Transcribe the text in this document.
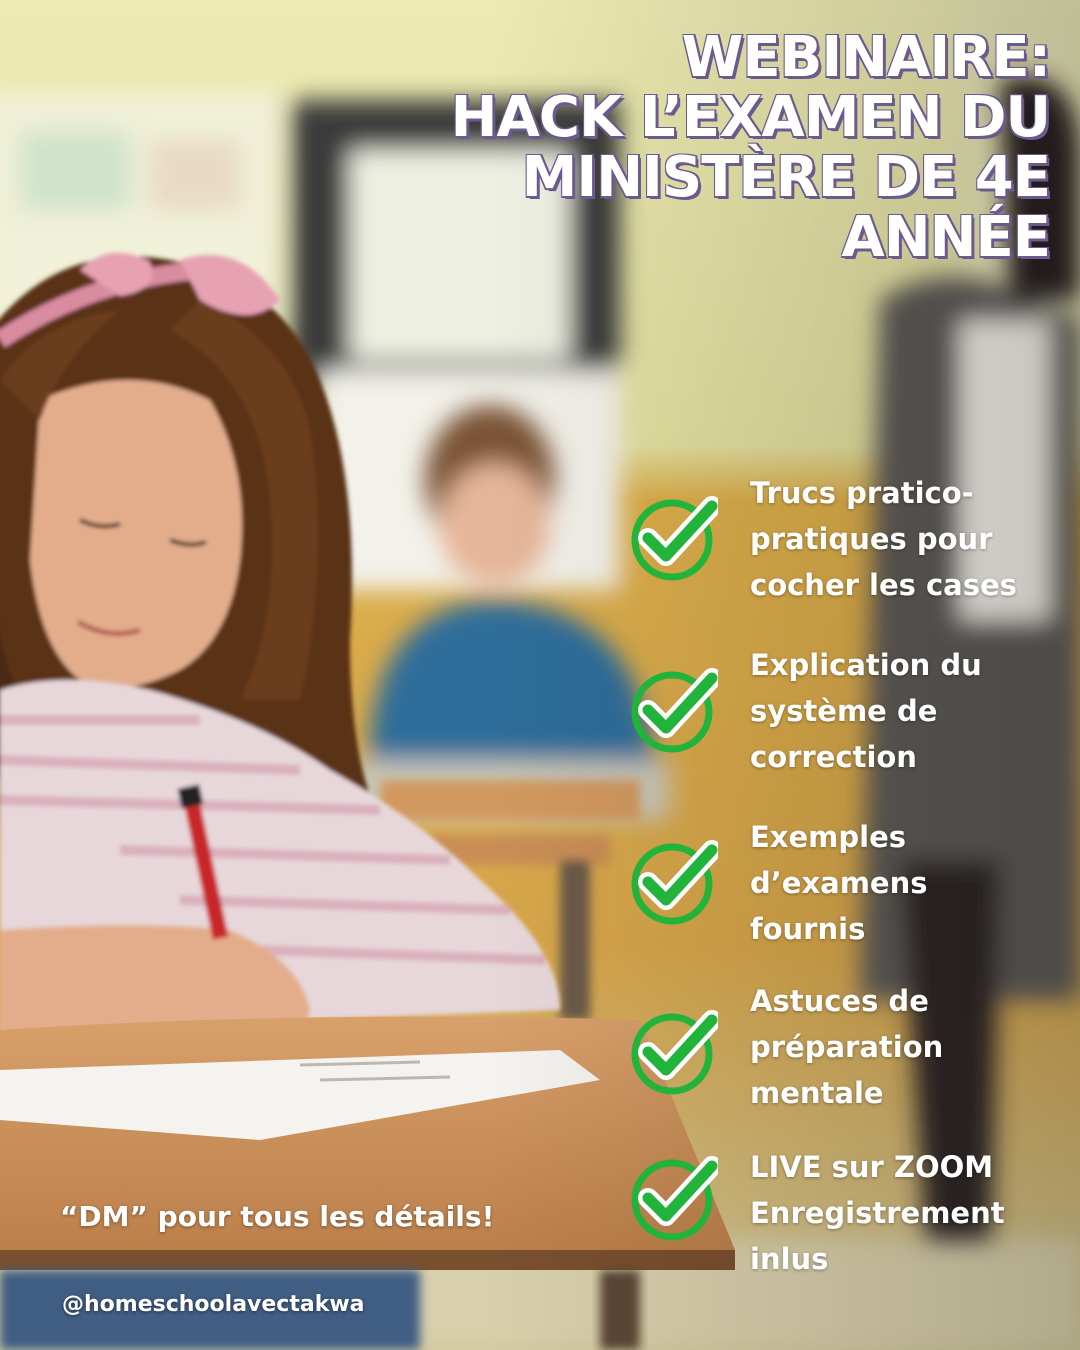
WEBINAIRE:
HACK L’EXAMEN DU
MINISTÈRE DE 4E
ANNÉE
Trucs pratico-
pratiques pour
cocher les cases
Explication du
système de
correction
Exemples
d’examens
fournis
Astuces de
préparation
mentale
LIVE sur ZOOM
Enregistrement
inlus
“DM” pour tous les détails!
@homeschoolavectakwa
